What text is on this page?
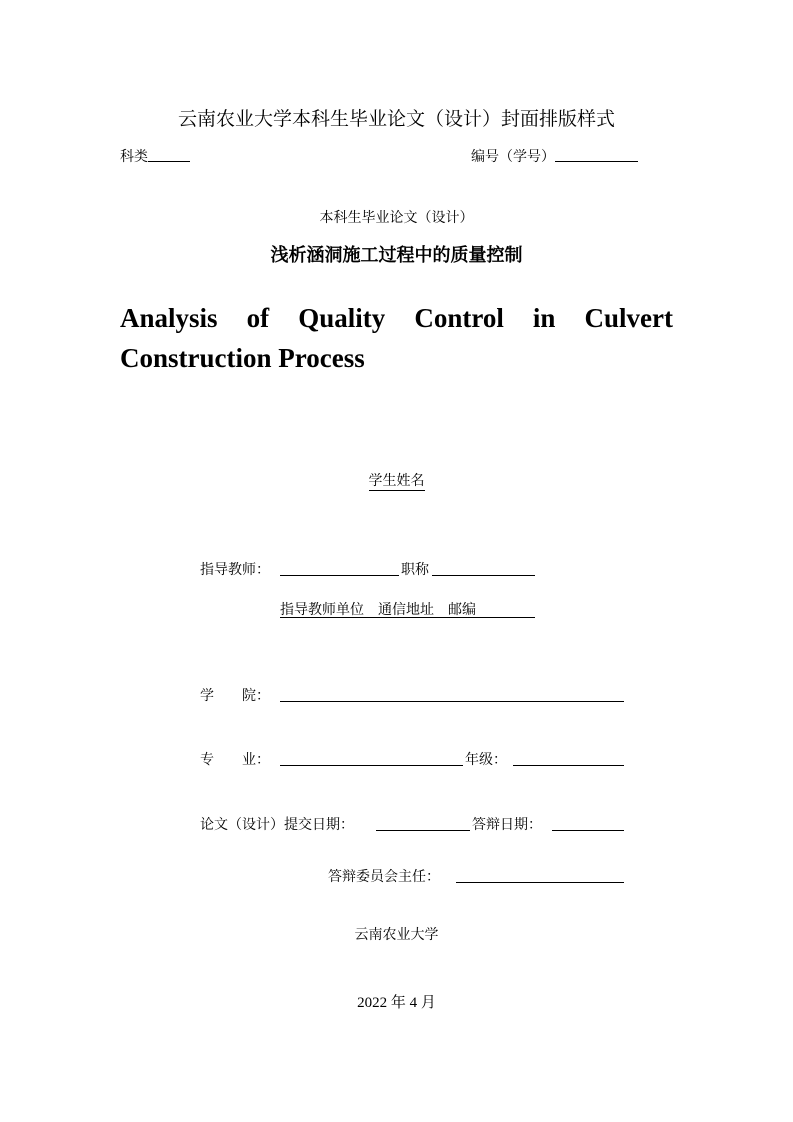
云南农业大学本科生毕业论文（设计）封面排版样式
科类	编号（学号）
本科生毕业论文（设计）
浅析涵洞施工过程中的质量控制
Analysis of Quality Control in Culvert Construction Process
学生姓名
指导教师：	职称
指导教师单位　通信地址　邮编
学　　院：
专　　业：	年级：
论文（设计）提交日期：	答辩日期：
答辩委员会主任：
云南农业大学
2022 年 4 月
